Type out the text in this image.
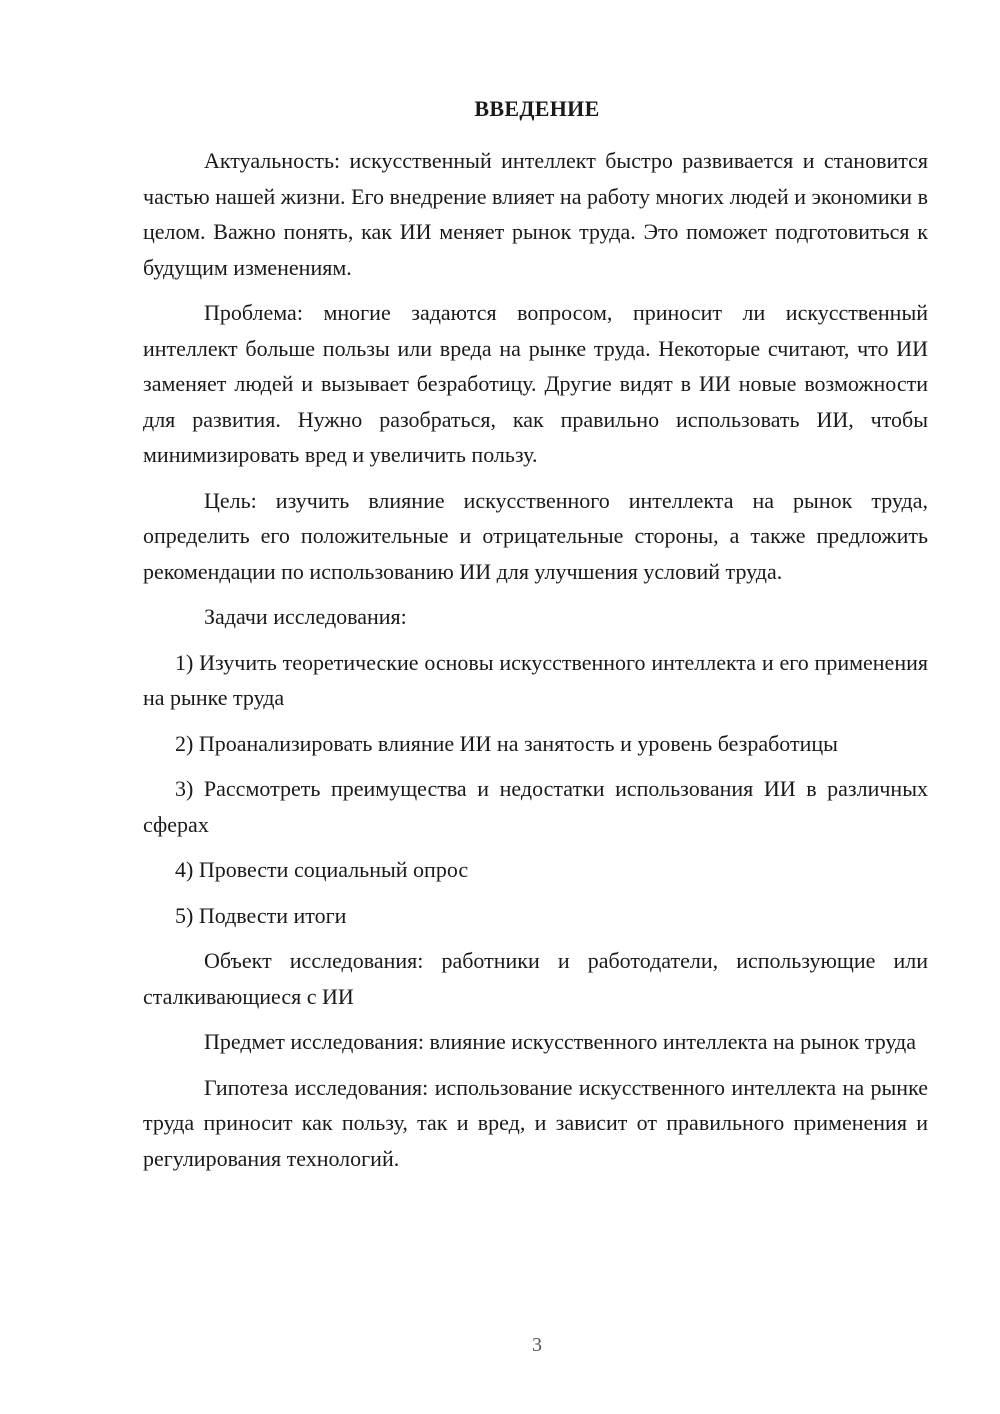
ВВЕДЕНИЕ

Актуальность: искусственный интеллект быстро развивается и становится частью нашей жизни. Его внедрение влияет на работу многих людей и экономики в целом. Важно понять, как ИИ меняет рынок труда. Это поможет подготовиться к будущим изменениям.

Проблема: многие задаются вопросом, приносит ли искусственный интеллект больше пользы или вреда на рынке труда. Некоторые считают, что ИИ заменяет людей и вызывает безработицу. Другие видят в ИИ новые возможности для развития. Нужно разобраться, как правильно использовать ИИ, чтобы минимизировать вред и увеличить пользу.

Цель: изучить влияние искусственного интеллекта на рынок труда, определить его положительные и отрицательные стороны, а также предложить рекомендации по использованию ИИ для улучшения условий труда.

Задачи исследования:

1) Изучить теоретические основы искусственного интеллекта и его применения на рынке труда

2) Проанализировать влияние ИИ на занятость и уровень безработицы

3) Рассмотреть преимущества и недостатки использования ИИ в различных сферах

4) Провести социальный опрос

5) Подвести итоги

Объект исследования: работники и работодатели, использующие или сталкивающиеся с ИИ

Предмет исследования: влияние искусственного интеллекта на рынок труда

Гипотеза исследования: использование искусственного интеллекта на рынке труда приносит как пользу, так и вред, и зависит от правильного применения и регулирования технологий.

3
